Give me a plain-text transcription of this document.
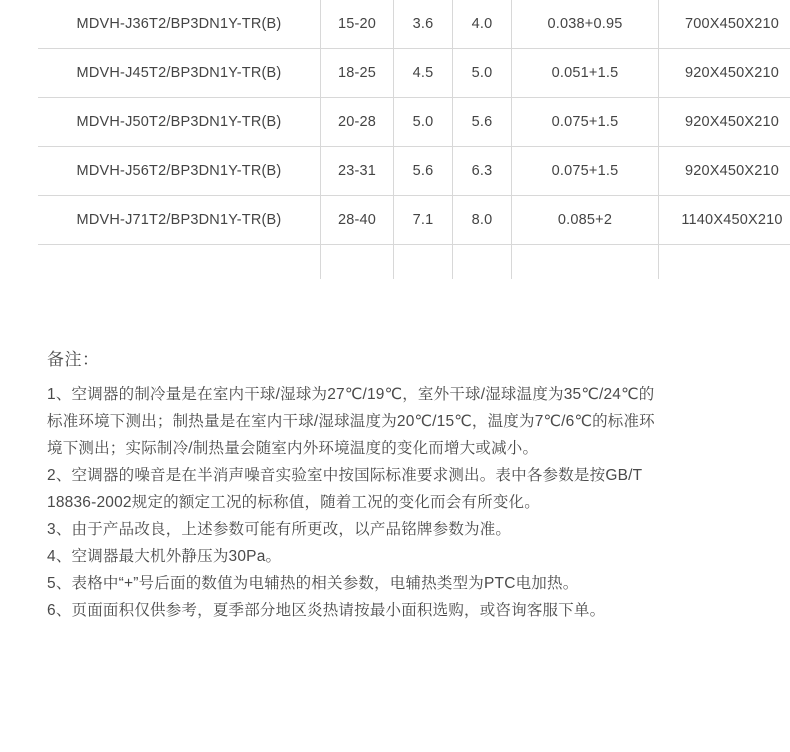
MDVH-J36T2/BP3DN1Y-TR(B)	15-20	3.6	4.0	0.038+0.95	700X450X210
MDVH-J45T2/BP3DN1Y-TR(B)	18-25	4.5	5.0	0.051+1.5	920X450X210
MDVH-J50T2/BP3DN1Y-TR(B)	20-28	5.0	5.6	0.075+1.5	920X450X210
MDVH-J56T2/BP3DN1Y-TR(B)	23-31	5.6	6.3	0.075+1.5	920X450X210
MDVH-J71T2/BP3DN1Y-TR(B)	28-40	7.1	8.0	0.085+2	1140X450X210

备注：
1、空调器的制冷量是在室内干球/湿球为27℃/19℃，室外干球/湿球温度为35℃/24℃的
标准环境下测出；制热量是在室内干球/湿球温度为20℃/15℃，温度为7℃/6℃的标准环
境下测出；实际制冷/制热量会随室内外环境温度的变化而增大或减小。
2、空调器的噪音是在半消声噪音实验室中按国际标准要求测出。表中各参数是按GB/T
18836-2002规定的额定工况的标称值，随着工况的变化而会有所变化。
3、由于产品改良，上述参数可能有所更改，以产品铭牌参数为准。
4、空调器最大机外静压为30Pa。
5、表格中“+”号后面的数值为电辅热的相关参数，电辅热类型为PTC电加热。
6、页面面积仅供参考，夏季部分地区炎热请按最小面积选购，或咨询客服下单。
